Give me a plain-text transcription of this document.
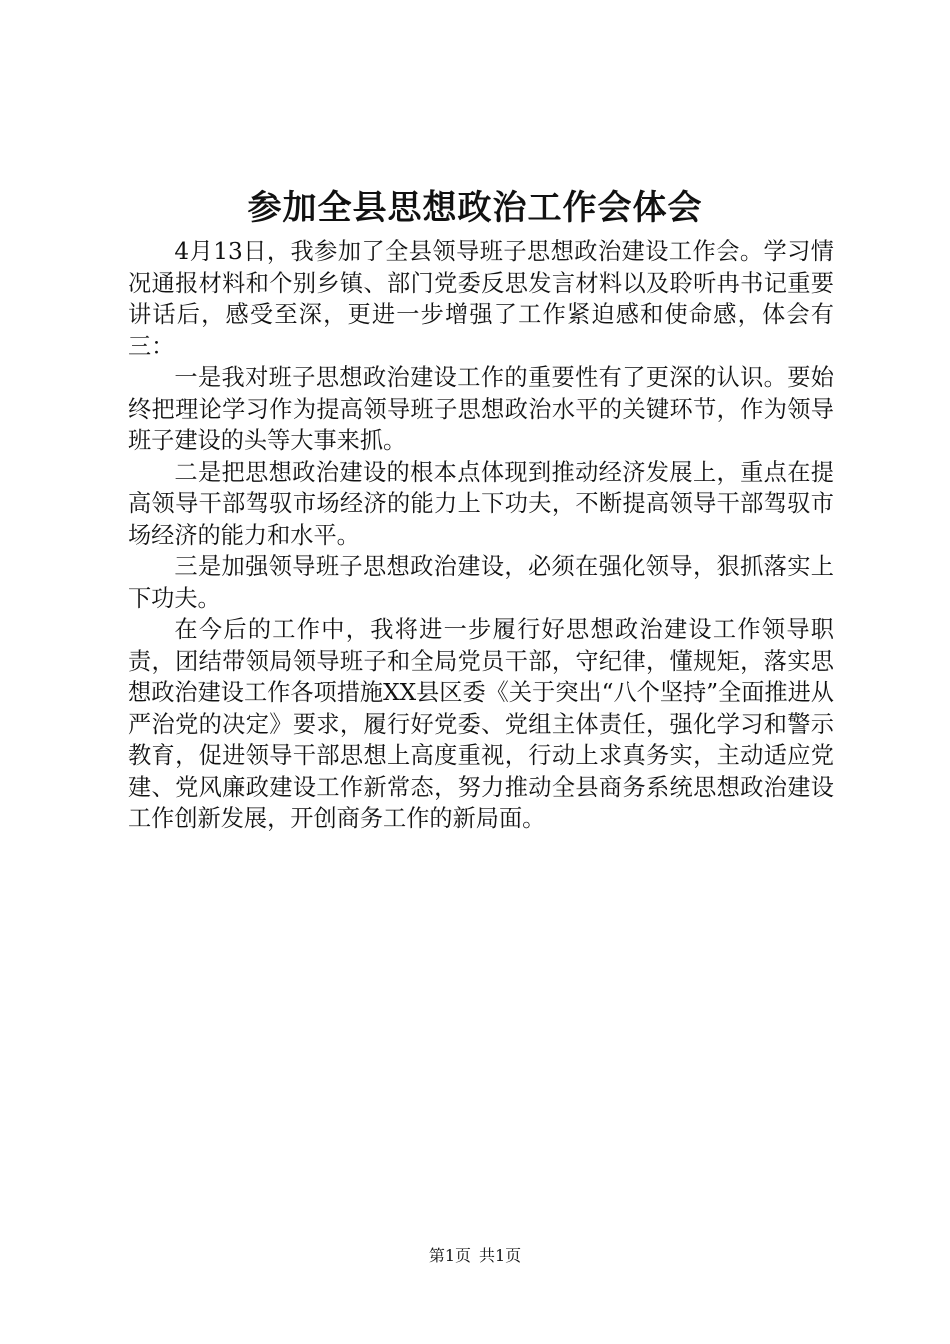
参加全县思想政治工作会体会

4月13日，我参加了全县领导班子思想政治建设工作会。学习情况通报材料和个别乡镇、部门党委反思发言材料以及聆听冉书记重要讲话后，感受至深，更进一步增强了工作紧迫感和使命感，体会有三：

一是我对班子思想政治建设工作的重要性有了更深的认识。要始终把理论学习作为提高领导班子思想政治水平的关键环节，作为领导班子建设的头等大事来抓。

二是把思想政治建设的根本点体现到推动经济发展上，重点在提高领导干部驾驭市场经济的能力上下功夫，不断提高领导干部驾驭市场经济的能力和水平。

三是加强领导班子思想政治建设，必须在强化领导，狠抓落实上下功夫。

在今后的工作中，我将进一步履行好思想政治建设工作领导职责，团结带领局领导班子和全局党员干部，守纪律，懂规矩，落实思想政治建设工作各项措施XX县区委《关于突出“八个坚持”全面推进从严治党的决定》要求，履行好党委、党组主体责任，强化学习和警示教育，促进领导干部思想上高度重视，行动上求真务实，主动适应党建、党风廉政建设工作新常态，努力推动全县商务系统思想政治建设工作创新发展，开创商务工作的新局面。

第1页 共1页
